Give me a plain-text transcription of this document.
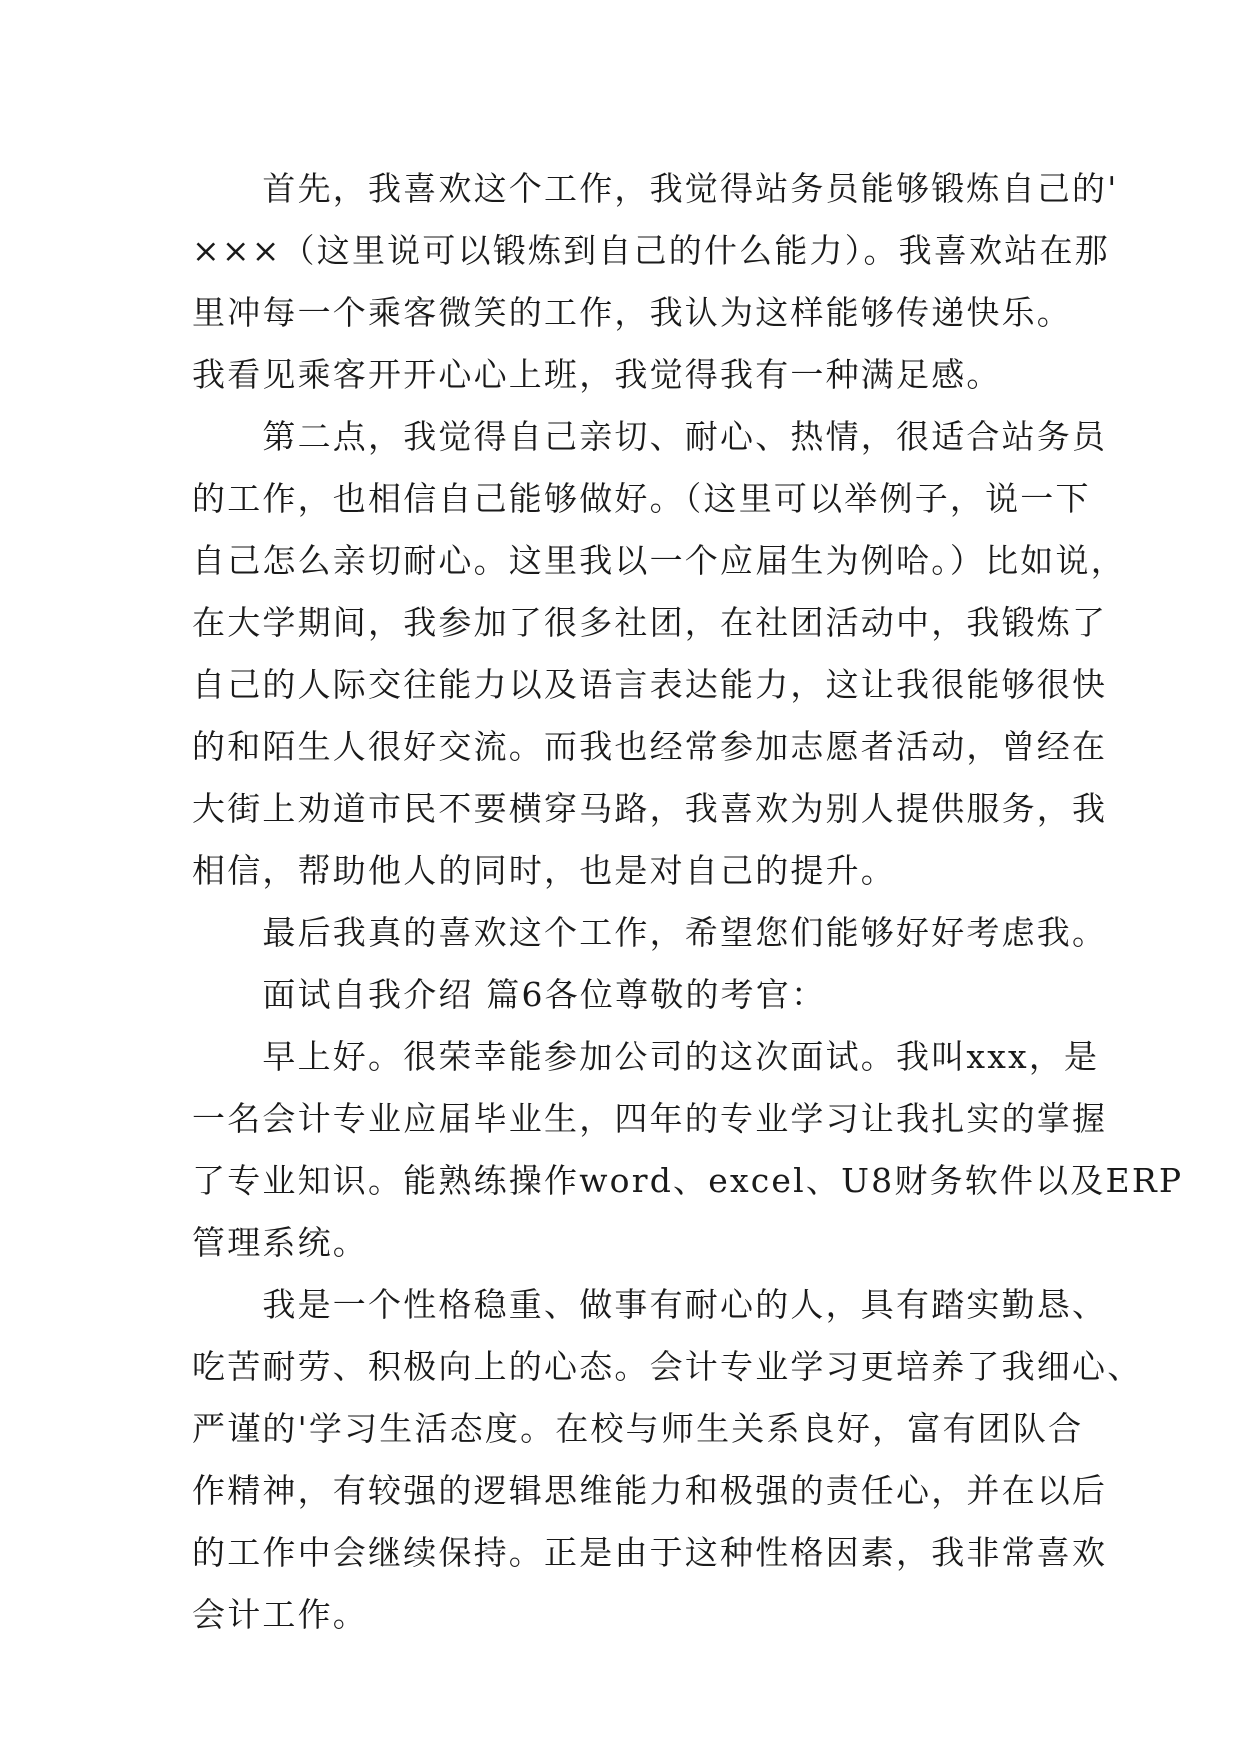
　　首先，我喜欢这个工作，我觉得站务员能够锻炼自己的'
×××（这里说可以锻炼到自己的什么能力）。我喜欢站在那
里冲每一个乘客微笑的工作，我认为这样能够传递快乐。
我看见乘客开开心心上班，我觉得我有一种满足感。
　　第二点，我觉得自己亲切、耐心、热情，很适合站务员
的工作，也相信自己能够做好。（这里可以举例子，说一下
自己怎么亲切耐心。这里我以一个应届生为例哈。）比如说，
在大学期间，我参加了很多社团，在社团活动中，我锻炼了
自己的人际交往能力以及语言表达能力，这让我很能够很快
的和陌生人很好交流。而我也经常参加志愿者活动，曾经在
大街上劝道市民不要横穿马路，我喜欢为别人提供服务，我
相信，帮助他人的同时，也是对自己的提升。
　　最后我真的喜欢这个工作，希望您们能够好好考虑我。
　　面试自我介绍 篇6各位尊敬的考官：
　　早上好。很荣幸能参加公司的这次面试。我叫xxx，是
一名会计专业应届毕业生，四年的专业学习让我扎实的掌握
了专业知识。能熟练操作word、excel、U8财务软件以及ERP
管理系统。
　　我是一个性格稳重、做事有耐心的人，具有踏实勤恳、
吃苦耐劳、积极向上的心态。会计专业学习更培养了我细心、
严谨的'学习生活态度。在校与师生关系良好，富有团队合
作精神，有较强的逻辑思维能力和极强的责任心，并在以后
的工作中会继续保持。正是由于这种性格因素，我非常喜欢
会计工作。
